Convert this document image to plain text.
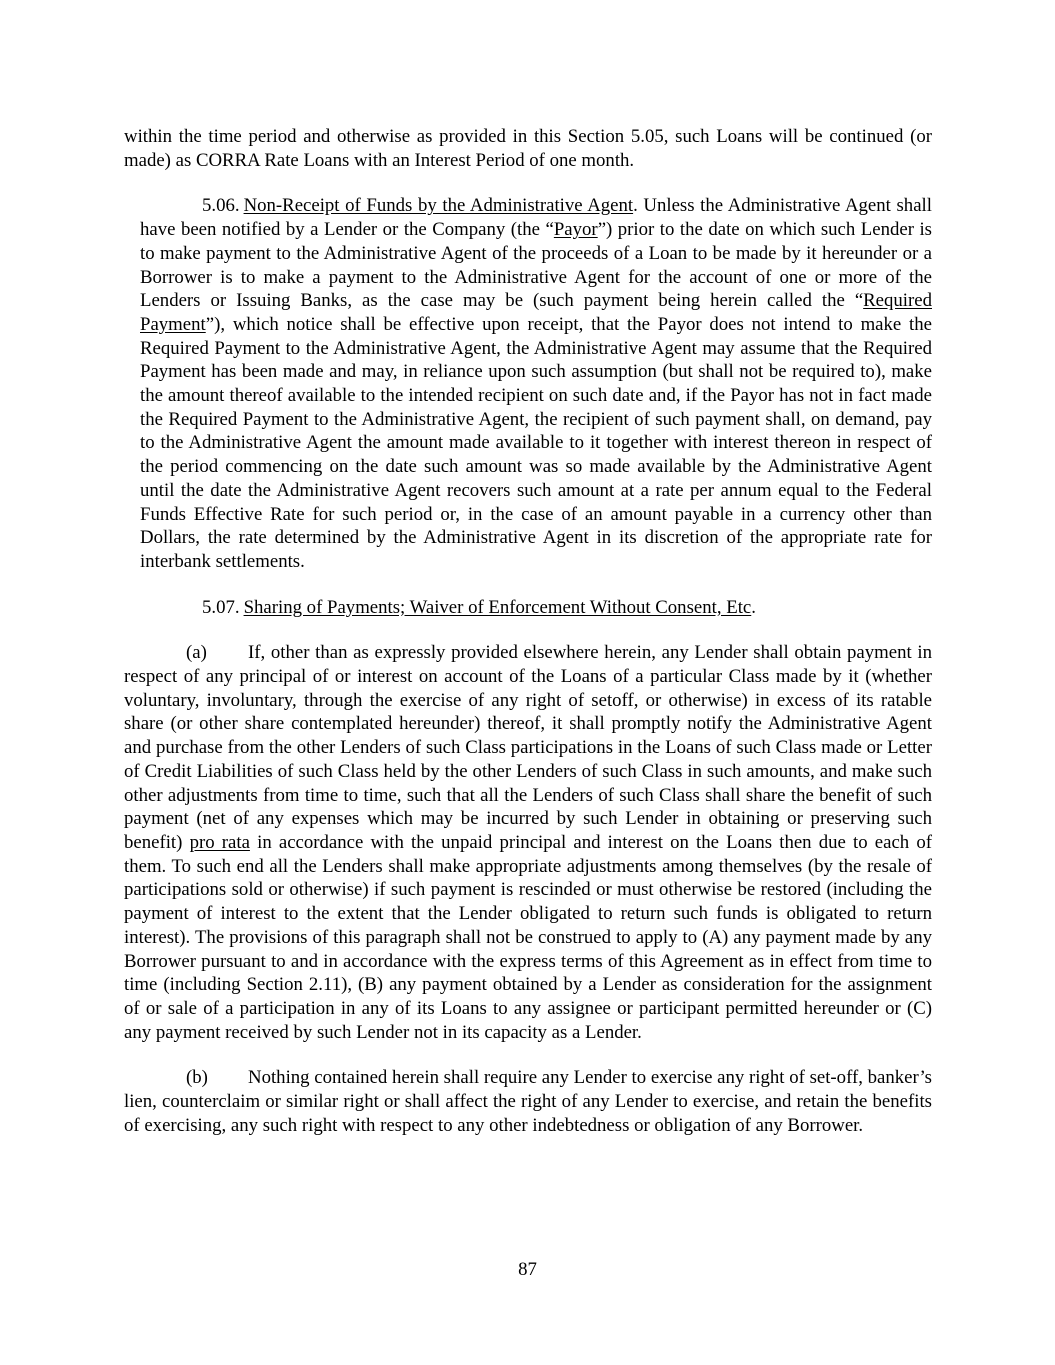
within the time period and otherwise as provided in this Section 5.05, such Loans will be continued (or made) as CORRA Rate Loans with an Interest Period of one month.

5.06. Non-Receipt of Funds by the Administrative Agent. Unless the Administrative Agent shall have been notified by a Lender or the Company (the “Payor”) prior to the date on which such Lender is to make payment to the Administrative Agent of the proceeds of a Loan to be made by it hereunder or a Borrower is to make a payment to the Administrative Agent for the account of one or more of the Lenders or Issuing Banks, as the case may be (such payment being herein called the “Required Payment”), which notice shall be effective upon receipt, that the Payor does not intend to make the Required Payment to the Administrative Agent, the Administrative Agent may assume that the Required Payment has been made and may, in reliance upon such assumption (but shall not be required to), make the amount thereof available to the intended recipient on such date and, if the Payor has not in fact made the Required Payment to the Administrative Agent, the recipient of such payment shall, on demand, pay to the Administrative Agent the amount made available to it together with interest thereon in respect of the period commencing on the date such amount was so made available by the Administrative Agent until the date the Administrative Agent recovers such amount at a rate per annum equal to the Federal Funds Effective Rate for such period or, in the case of an amount payable in a currency other than Dollars, the rate determined by the Administrative Agent in its discretion of the appropriate rate for interbank settlements.

5.07. Sharing of Payments; Waiver of Enforcement Without Consent, Etc.

(a) If, other than as expressly provided elsewhere herein, any Lender shall obtain payment in respect of any principal of or interest on account of the Loans of a particular Class made by it (whether voluntary, involuntary, through the exercise of any right of setoff, or otherwise) in excess of its ratable share (or other share contemplated hereunder) thereof, it shall promptly notify the Administrative Agent and purchase from the other Lenders of such Class participations in the Loans of such Class made or Letter of Credit Liabilities of such Class held by the other Lenders of such Class in such amounts, and make such other adjustments from time to time, such that all the Lenders of such Class shall share the benefit of such payment (net of any expenses which may be incurred by such Lender in obtaining or preserving such benefit) pro rata in accordance with the unpaid principal and interest on the Loans then due to each of them. To such end all the Lenders shall make appropriate adjustments among themselves (by the resale of participations sold or otherwise) if such payment is rescinded or must otherwise be restored (including the payment of interest to the extent that the Lender obligated to return such funds is obligated to return interest). The provisions of this paragraph shall not be construed to apply to (A) any payment made by any Borrower pursuant to and in accordance with the express terms of this Agreement as in effect from time to time (including Section 2.11), (B) any payment obtained by a Lender as consideration for the assignment of or sale of a participation in any of its Loans to any assignee or participant permitted hereunder or (C) any payment received by such Lender not in its capacity as a Lender.

(b) Nothing contained herein shall require any Lender to exercise any right of set-off, banker’s lien, counterclaim or similar right or shall affect the right of any Lender to exercise, and retain the benefits of exercising, any such right with respect to any other indebtedness or obligation of any Borrower.

87
